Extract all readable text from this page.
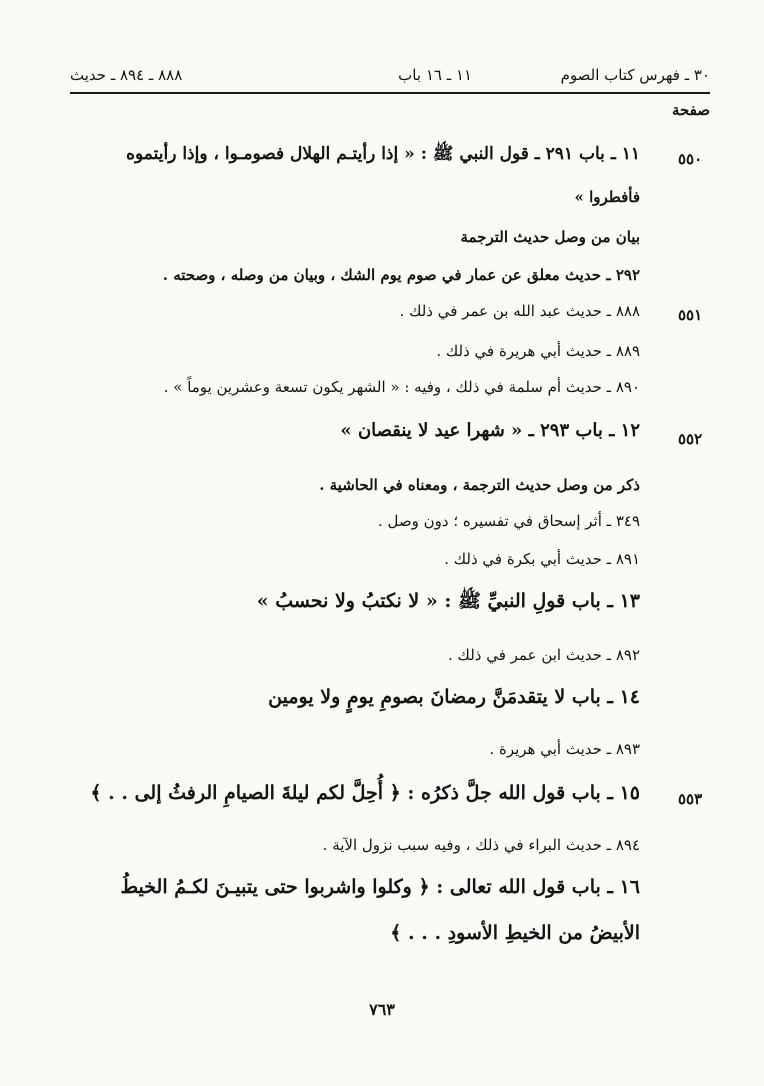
٣٠ ـ فهرس كتاب الصوم
١١ ـ ١٦ باب
٨٨٨ ـ ٨٩٤ ـ حديث
صفحة
٥٥٠
١١ ـ باب ٢٩١ ـ قول النبي ﷺ : « إذا رأيتـم الهلال فصومـوا ، وإذا رأيتموه
فأفطروا »
بيان من وصل حديث الترجمة
٢٩٢ ـ حديث معلق عن عمار في صوم يوم الشك ، وبيان من وصله ، وصحته .
٥٥١
٨٨٨ ـ حديث عبد الله بن عمر في ذلك .
٨٨٩ ـ حديث أبي هريرة في ذلك .
٨٩٠ ـ حديث أم سلمة في ذلك ، وفيه : « الشهر يكون تسعة وعشرين يوماً » .
٥٥٢
١٢ ـ باب ٢٩٣ ـ « شهرا عيد لا ينقصان »
ذكر من وصل حديث الترجمة ، ومعناه في الحاشية .
٣٤٩ ـ أثر إسحاق في تفسيره ؛ دون وصل .
٨٩١ ـ حديث أبي بكرة في ذلك .
١٣ ـ باب قولِ النبيِّ ﷺ : « لا نكتبُ ولا نحسبُ »
٨٩٢ ـ حديث ابن عمر في ذلك .
١٤ ـ باب لا يتقدمَنَّ رمضانَ بصومِ يومٍ ولا يومين
٨٩٣ ـ حديث أبي هريرة .
٥٥٣
١٥ ـ باب قول الله جلَّ ذكرُه : ﴿ أُحِلَّ لكم ليلةَ الصيامِ الرفثُ إلى . . ﴾
٨٩٤ ـ حديث البراء في ذلك ، وفيه سبب نزول الآية .
١٦ ـ باب قول الله تعالى : ﴿ وكلوا واشربوا حتى يتبيـنَ لكـمُ الخيطُ
الأبيضُ من الخيطِ الأسودِ . . . ﴾
٧٦٣
